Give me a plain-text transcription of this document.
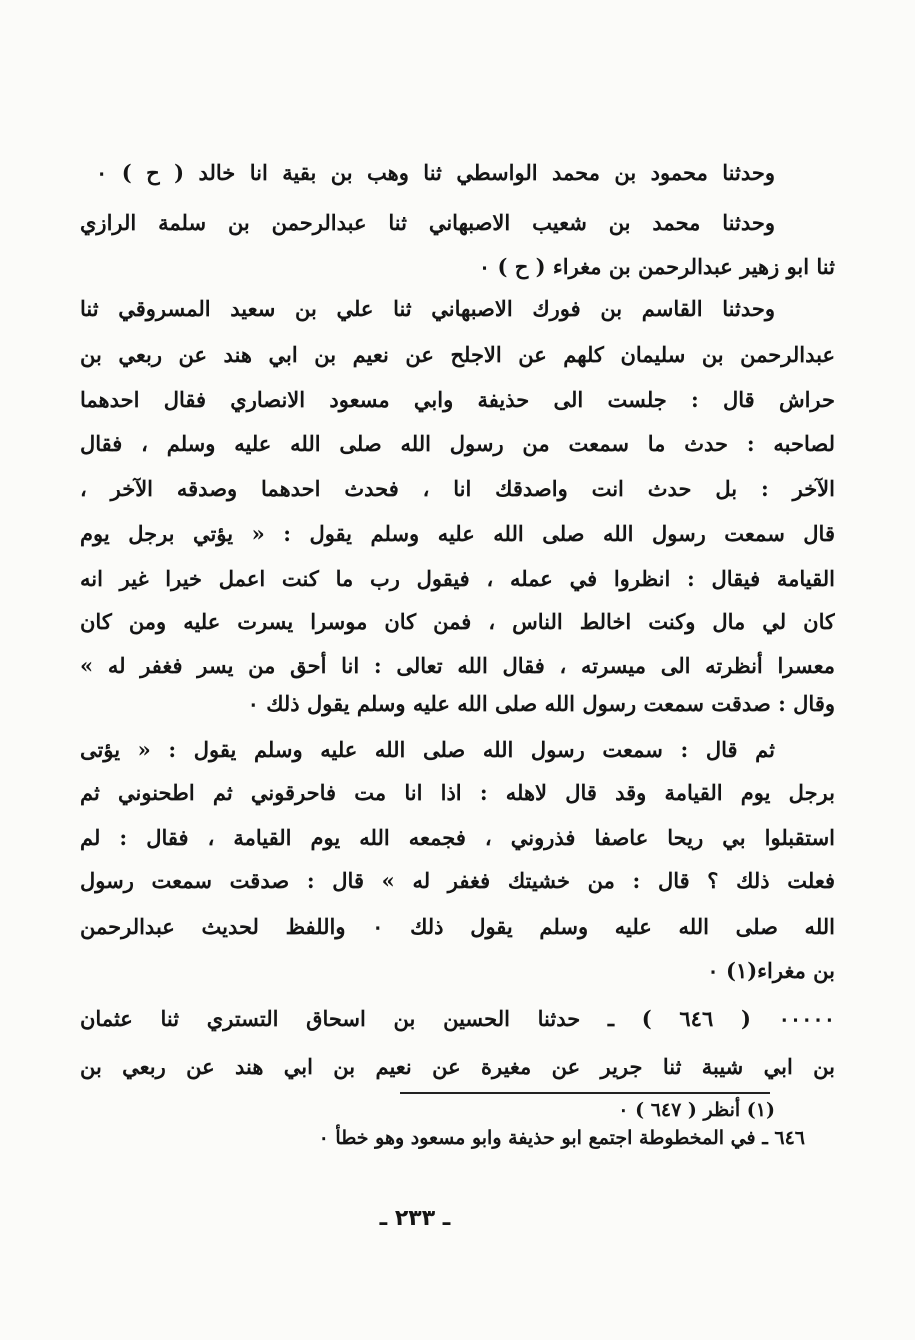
وحدثنا محمود بن محمد الواسطي ثنا وهب بن بقية انا خالد ( ح ) ٠
وحدثنا محمد بن شعيب الاصبهاني ثنا عبدالرحمن بن سلمة الرازي
ثنا ابو زهير عبدالرحمن بن مغراء ( ح ) ٠
وحدثنا القاسم بن فورك الاصبهاني ثنا علي بن سعيد المسروقي ثنا
عبدالرحمن بن سليمان كلهم عن الاجلح عن نعيم بن ابي هند عن ربعي بن
حراش قال : جلست الى حذيفة وابي مسعود الانصاري فقال احدهما
لصاحبه : حدث ما سمعت من رسول الله صلى الله عليه وسلم ، فقال
الآخر : بل حدث انت واصدقك انا ، فحدث احدهما وصدقه الآخر ،
قال سمعت رسول الله صلى الله عليه وسلم يقول : « يؤتي برجل يوم
القيامة فيقال : انظروا في عمله ، فيقول رب ما كنت اعمل خيرا غير انه
كان لي مال وكنت اخالط الناس ، فمن كان موسرا يسرت عليه ومن كان
معسرا أنظرته الى ميسرته ، فقال الله تعالى : انا أحق من يسر فغفر له »
وقال : صدقت سمعت رسول الله صلى الله عليه وسلم يقول ذلك ٠
ثم قال : سمعت رسول الله صلى الله عليه وسلم يقول : « يؤتى
برجل يوم القيامة وقد قال لاهله : اذا انا مت فاحرقوني ثم اطحنوني ثم
استقبلوا بي ريحا عاصفا فذروني ، فجمعه الله يوم القيامة ، فقال : لم
فعلت ذلك ؟ قال : من خشيتك فغفر له » قال : صدقت سمعت رسول
الله صلى الله عليه وسلم يقول ذلك ٠ واللفظ لحديث عبدالرحمن
بن مغراء(١) ٠
٠٠٠٠٠ ( ٦٤٦ ) ـ حدثنا الحسين بن اسحاق التستري ثنا عثمان
بن ابي شيبة ثنا جرير عن مغيرة عن نعيم بن ابي هند عن ربعي بن
(١) أنظر ( ٦٤٧ ) ٠
٦٤٦ ـ في المخطوطة اجتمع ابو حذيفة وابو مسعود وهو خطأ ٠
ـ ٢٣٣ ـ
